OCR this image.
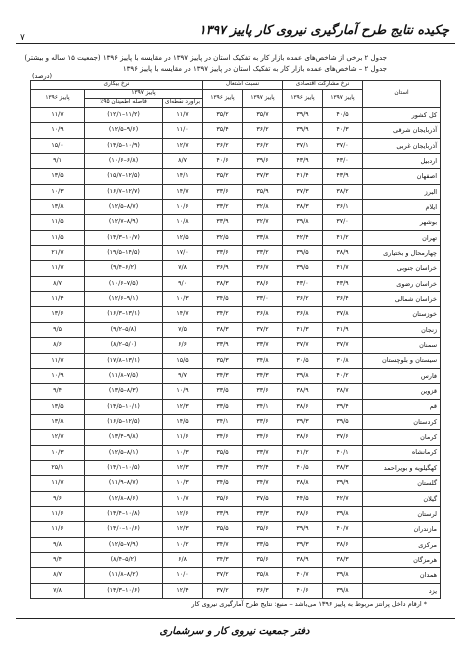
۷
چکیده نتایج طرح آمارگیری نیروی کار پاییز ۱۳۹۷
جدول ۲ برخی از شاخص‌های عمده بازار کار به تفکیک استان در پاییز ۱۳۹۷ در مقایسه با پاییز ۱۳۹۶ (جمعیت ۱۵ ساله و بیشتر)
جدول ۲ – شاخص‌های عمده بازار کار به تفکیک استان در پاییز ۱۳۹۷ در مقایسه با پاییز ۱۳۹۶
(درصد)
استان	نرخ مشارکت اقتصادی		نسبت اشتغال		نرخ بیکاری		
	پاییز ۱۳۹۷	پاییز ۱۳۹۶	پاییز ۱۳۹۷	پاییز ۱۳۹۶	پاییز ۱۳۹۷		پاییز ۱۳۹۶
					برآورد نقطه‌ای	فاصله اطمینان ۹۵٪	
کل کشور	۴۰/۵	۳۹/۹	۳۵/۷	۳۵/۲	۱۱/۷	(۱۱/۲–۱۲/۱)	۱۱/۷
آذربایجان شرقی	۴۰/۳	۳۹/۹	۳۶/۲	۳۵/۴	۱۱/۰	(۹/۶–۱۲/۵)	۱۰/۹
آذربایجان غربی	۳۷/۰	۳۷/۱	۳۶/۲	۳۶/۲	۱۲/۷	(۱۰/۹–۱۴/۵)	۱۵/۰
اردبیل	۴۳/۰	۴۳/۹	۳۹/۶	۴۰/۶	۸/۷	(۶/۸–۱۰/۶)	۹/۱
اصفهان	۴۳/۹	۴۱/۴	۳۷/۳	۳۵/۲	۱۴/۱	(۱۲/۵–۱۵/۷)	۱۳/۵
البرز	۳۸/۲	۳۷/۳	۳۵/۹	۳۳/۶	۱۴/۷	(۱۲/۷–۱۶/۷)	۱۰/۳
ایلام	۳۶/۱	۳۸/۳	۳۲/۸	۳۳/۲	۱۰/۶	(۸/۷–۱۲/۵)	۱۳/۸
بوشهر	۳۷/۰	۳۹/۸	۳۲/۷	۳۳/۹	۱۰/۸	(۸/۹–۱۲/۷)	۱۱/۵
تهران	۴۱/۲	۴۲/۴	۳۳/۸	۳۲/۵	۱۲/۵	(۱۰/۷–۱۴/۳)	۱۱/۵
چهارمحال و بختیاری	۳۸/۹	۳۹/۵	۳۳/۲	۳۳/۶	۱۷/۰	(۱۴/۵–۱۹/۵)	۲۱/۷
خراسان جنوبی	۴۱/۷	۳۹/۵	۳۶/۷	۳۶/۹	۷/۸	(۶/۲–۹/۴)	۱۱/۷
خراسان رضوی	۴۳/۹	۴۳/۰	۳۸/۶	۳۸/۳	۹/۰	(۷/۵–۱۰/۶)	۸/۷
خراسان شمالی	۳۶/۴	۳۶/۲	۳۳/۰	۳۴/۵	۱۰/۳	(۹/۱–۱۲/۶)	۱۱/۴
خوزستان	۳۷/۸	۳۶/۸	۳۶/۸	۳۴/۲	۱۴/۷	(۱۳/۱–۱۶/۳)	۱۳/۶
زنجان	۴۱/۹	۴۱/۳	۳۷/۲	۳۸/۳	۷/۵	(۵/۸–۹/۲)	۹/۵
سمنان	۳۷/۷	۳۷/۷	۳۳/۷	۳۳/۹	۶/۶	(۵/۰–۸/۲)	۸/۶
سیستان و بلوچستان	۳۰/۸	۳۰/۵	۳۴/۸	۳۵/۳	۱۵/۵	(۱۳/۱–۱۷/۸)	۱۱/۷
فارس	۴۰/۲	۳۹/۸	۳۴/۳	۳۴/۳	۹/۷	(۷/۵–۱۱/۸)	۱۰/۹
قزوین	۳۸/۷	۳۸/۹	۳۳/۶	۳۳/۵	۱۰/۹	(۸/۳–۱۳/۵)	۹/۴
قم	۳۹/۴	۳۸/۶	۳۴/۱	۳۳/۵	۱۲/۳	(۱۰/۱–۱۴/۵)	۱۳/۵
کردستان	۳۹/۵	۳۹/۳	۳۳/۶	۳۴/۱	۱۴/۵	(۱۲/۵–۱۶/۵)	۱۳/۸
کرمان	۳۷/۶	۳۸/۶	۳۴/۶	۳۴/۶	۱۱/۶	(۹/۸–۱۳/۴)	۱۲/۷
کرمانشاه	۴۰/۱	۴۱/۲	۳۳/۷	۳۵/۵	۱۰/۳	(۸/۱–۱۲/۵)	۱۰/۳
کهگیلویه و بویراحمد	۳۸/۳	۴۰/۵	۳۲/۴	۳۴/۴	۱۲/۳	(۱۰/۵–۱۴/۱)	۲۵/۱
گلستان	۳۹/۹	۳۸/۸	۳۴/۷	۳۴/۵	۱۰/۳	(۸/۷–۱۱/۹)	۱۱/۷
گیلان	۴۲/۷	۴۴/۵	۳۷/۵	۳۵/۶	۱۰/۷	(۸/۶–۱۲/۸)	۹/۶
لرستان	۳۹/۸	۳۸/۶	۳۳/۳	۳۳/۹	۱۲/۶	(۱۰/۸–۱۴/۴)	۱۱/۶
مازندران	۴۰/۷	۳۹/۹	۳۵/۶	۳۵/۵	۱۲/۳	(۱۰/۶–۱۴/۰)	۱۱/۶
مرکزی	۳۸/۶	۳۹/۳	۳۳/۵	۳۴/۷	۱۰/۲	(۷/۹–۱۲/۵)	۹/۸
هرمزگان	۳۸/۳	۳۸/۹	۳۵/۶	۳۴/۳	۶/۸	(۵/۲–۸/۴)	۹/۴
همدان	۳۹/۸	۴۰/۷	۳۵/۸	۳۷/۲	۱۰/۰	(۸/۲–۱۱/۸)	۸/۷
یزد	۳۹/۸	۴۰/۶	۳۶/۳	۳۷/۲	۱۲/۴	(۱۰/۶–۱۴/۳)	۷/۸
* ارقام داخل پرانتز مربوط به پاییز ۱۳۹۶ می‌باشد – منبع: نتایج طرح آمارگیری نیروی کار
دفتر جمعیت نیروی کار و سرشماری
